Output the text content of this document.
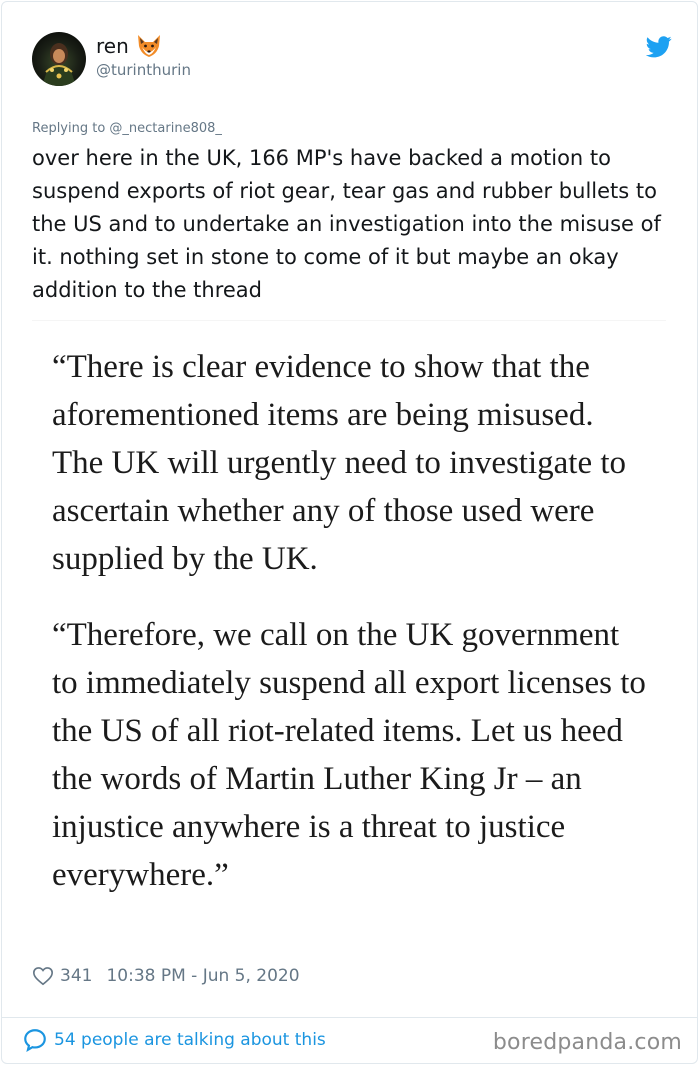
ren
@turinthurin
Replying to @_nectarine808_
over here in the UK, 166 MP's have backed a motion to suspend exports of riot gear, tear gas and rubber bullets to the US and to undertake an investigation into the misuse of it. nothing set in stone to come of it but maybe an okay addition to the thread

“There is clear evidence to show that the aforementioned items are being misused. The UK will urgently need to investigate to ascertain whether any of those used were supplied by the UK.

“Therefore, we call on the UK government to immediately suspend all export licenses to the US of all riot-related items. Let us heed the words of Martin Luther King Jr – an injustice anywhere is a threat to justice everywhere.”

341 10:38 PM - Jun 5, 2020
54 people are talking about this	boredpanda.com
